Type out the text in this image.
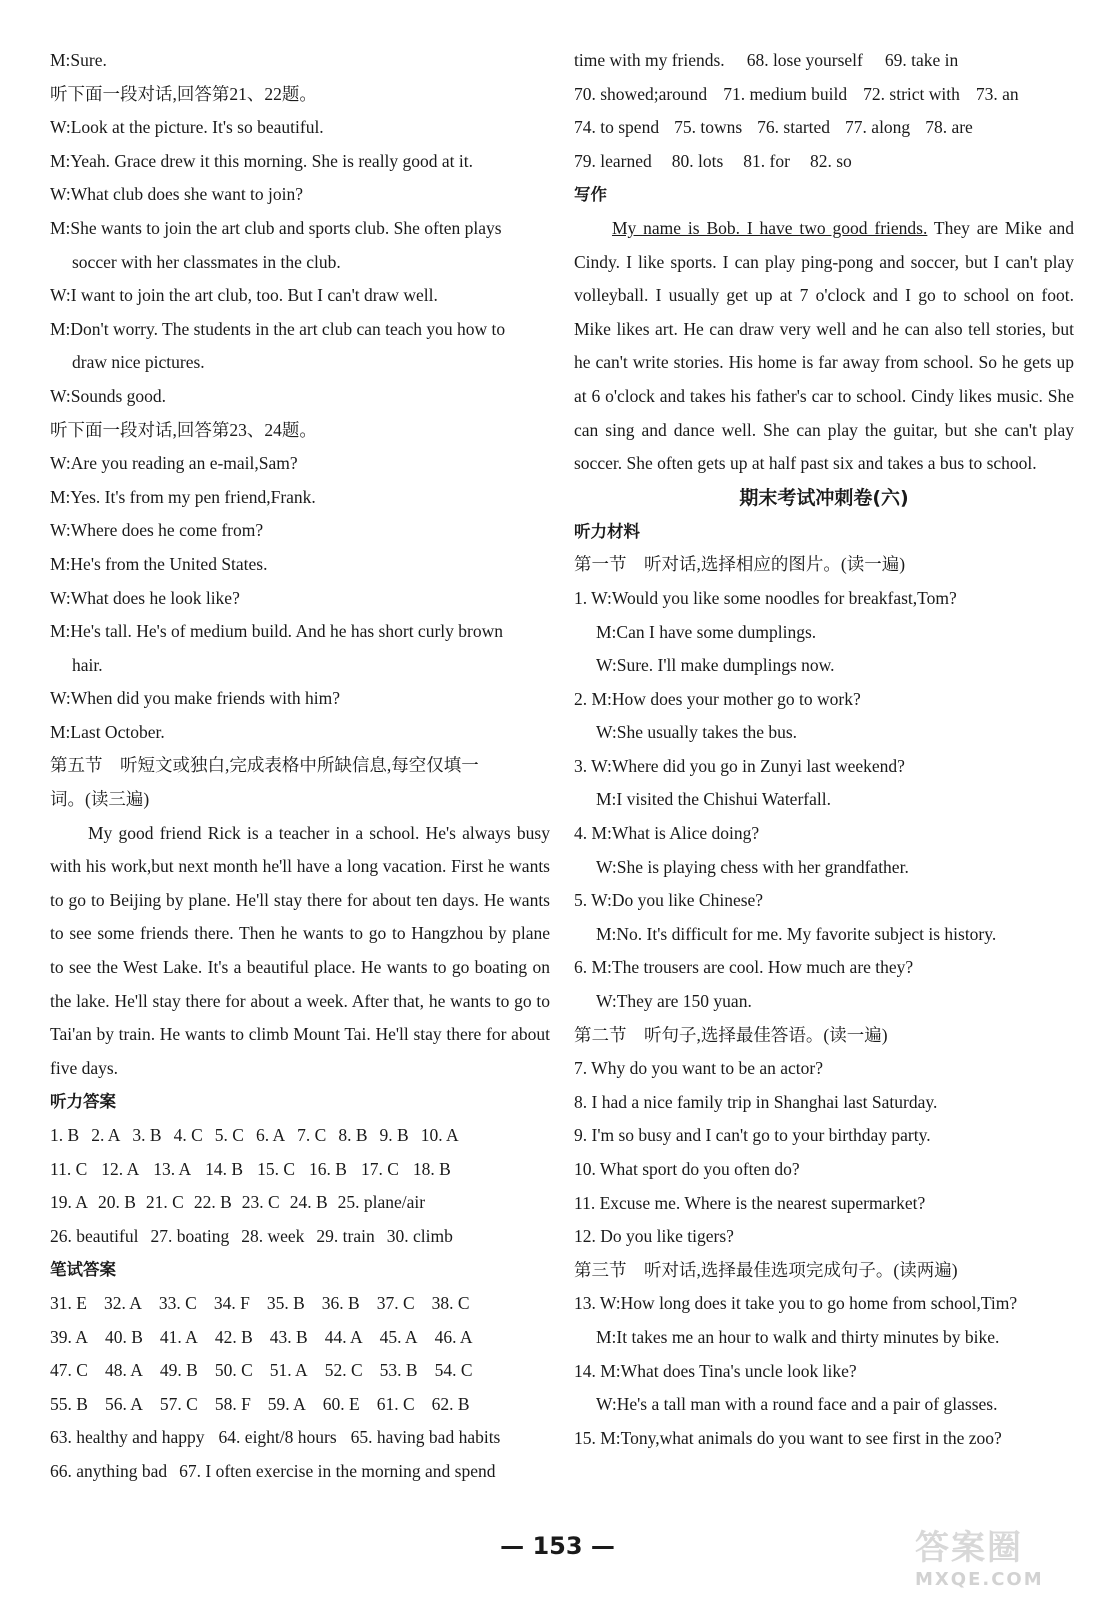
M:Sure.
听下面一段对话,回答第21、22题。
W:Look at the picture. It's so beautiful.
M:Yeah. Grace drew it this morning. She is really good at it.
W:What club does she want to join?
M:She wants to join the art club and sports club. She often plays
soccer with her classmates in the club.
W:I want to join the art club, too. But I can't draw well.
M:Don't worry. The students in the art club can teach you how to
draw nice pictures.
W:Sounds good.
听下面一段对话,回答第23、24题。
W:Are you reading an e-mail,Sam?
M:Yes. It's from my pen friend,Frank.
W:Where does he come from?
M:He's from the United States.
W:What does he look like?
M:He's tall. He's of medium build. And he has short curly brown
hair.
W:When did you make friends with him?
M:Last October.
第五节　听短文或独白,完成表格中所缺信息,每空仅填一
词。(读三遍)
My good friend Rick is a teacher in a school. He's always busy with his work,but next month he'll have a long vacation. First he wants to go to Beijing by plane. He'll stay there for about ten days. He wants to see some friends there. Then he wants to go to Hangzhou by plane to see the West Lake. It's a beautiful place. He wants to go boating on the lake. He'll stay there for about a week. After that, he wants to go to Tai'an by train. He wants to climb Mount Tai. He'll stay there for about five days.
听力答案
1. B 2. A 3. B 4. C 5. C 6. A 7. C 8. B 9. B 10. A
11. C 12. A 13. A 14. B 15. C 16. B 17. C 18. B
19. A 20. B 21. C 22. B 23. C 24. B 25. plane/air
26. beautiful 27. boating 28. week 29. train 30. climb
笔试答案
31. E 32. A 33. C 34. F 35. B 36. B 37. C 38. C
39. A 40. B 41. A 42. B 43. B 44. A 45. A 46. A
47. C 48. A 49. B 50. C 51. A 52. C 53. B 54. C
55. B 56. A 57. C 58. F 59. A 60. E 61. C 62. B
63. healthy and happy 64. eight/8 hours 65. having bad habits
66. anything bad 67. I often exercise in the morning and spend
time with my friends. 68. lose yourself 69. take in
70. showed;around 71. medium build 72. strict with 73. an
74. to spend 75. towns 76. started 77. along 78. are
79. learned 80. lots 81. for 82. so
写作
My name is Bob. I have two good friends. They are Mike and Cindy. I like sports. I can play ping-pong and soccer, but I can't play volleyball. I usually get up at 7 o'clock and I go to school on foot. Mike likes art. He can draw very well and he can also tell stories, but he can't write stories. His home is far away from school. So he gets up at 6 o'clock and takes his father's car to school. Cindy likes music. She can sing and dance well. She can play the guitar, but she can't play soccer. She often gets up at half past six and takes a bus to school.
期末考试冲刺卷(六)
听力材料
第一节　听对话,选择相应的图片。(读一遍)
1. W:Would you like some noodles for breakfast,Tom?
M:Can I have some dumplings.
W:Sure. I'll make dumplings now.
2. M:How does your mother go to work?
W:She usually takes the bus.
3. W:Where did you go in Zunyi last weekend?
M:I visited the Chishui Waterfall.
4. M:What is Alice doing?
W:She is playing chess with her grandfather.
5. W:Do you like Chinese?
M:No. It's difficult for me. My favorite subject is history.
6. M:The trousers are cool. How much are they?
W:They are 150 yuan.
第二节　听句子,选择最佳答语。(读一遍)
7. Why do you want to be an actor?
8. I had a nice family trip in Shanghai last Saturday.
9. I'm so busy and I can't go to your birthday party.
10. What sport do you often do?
11. Excuse me. Where is the nearest supermarket?
12. Do you like tigers?
第三节　听对话,选择最佳选项完成句子。(读两遍)
13. W:How long does it take you to go home from school,Tim?
M:It takes me an hour to walk and thirty minutes by bike.
14. M:What does Tina's uncle look like?
W:He's a tall man with a round face and a pair of glasses.
15. M:Tony,what animals do you want to see first in the zoo?
— 153 —	答案圈
MXQE.COM
